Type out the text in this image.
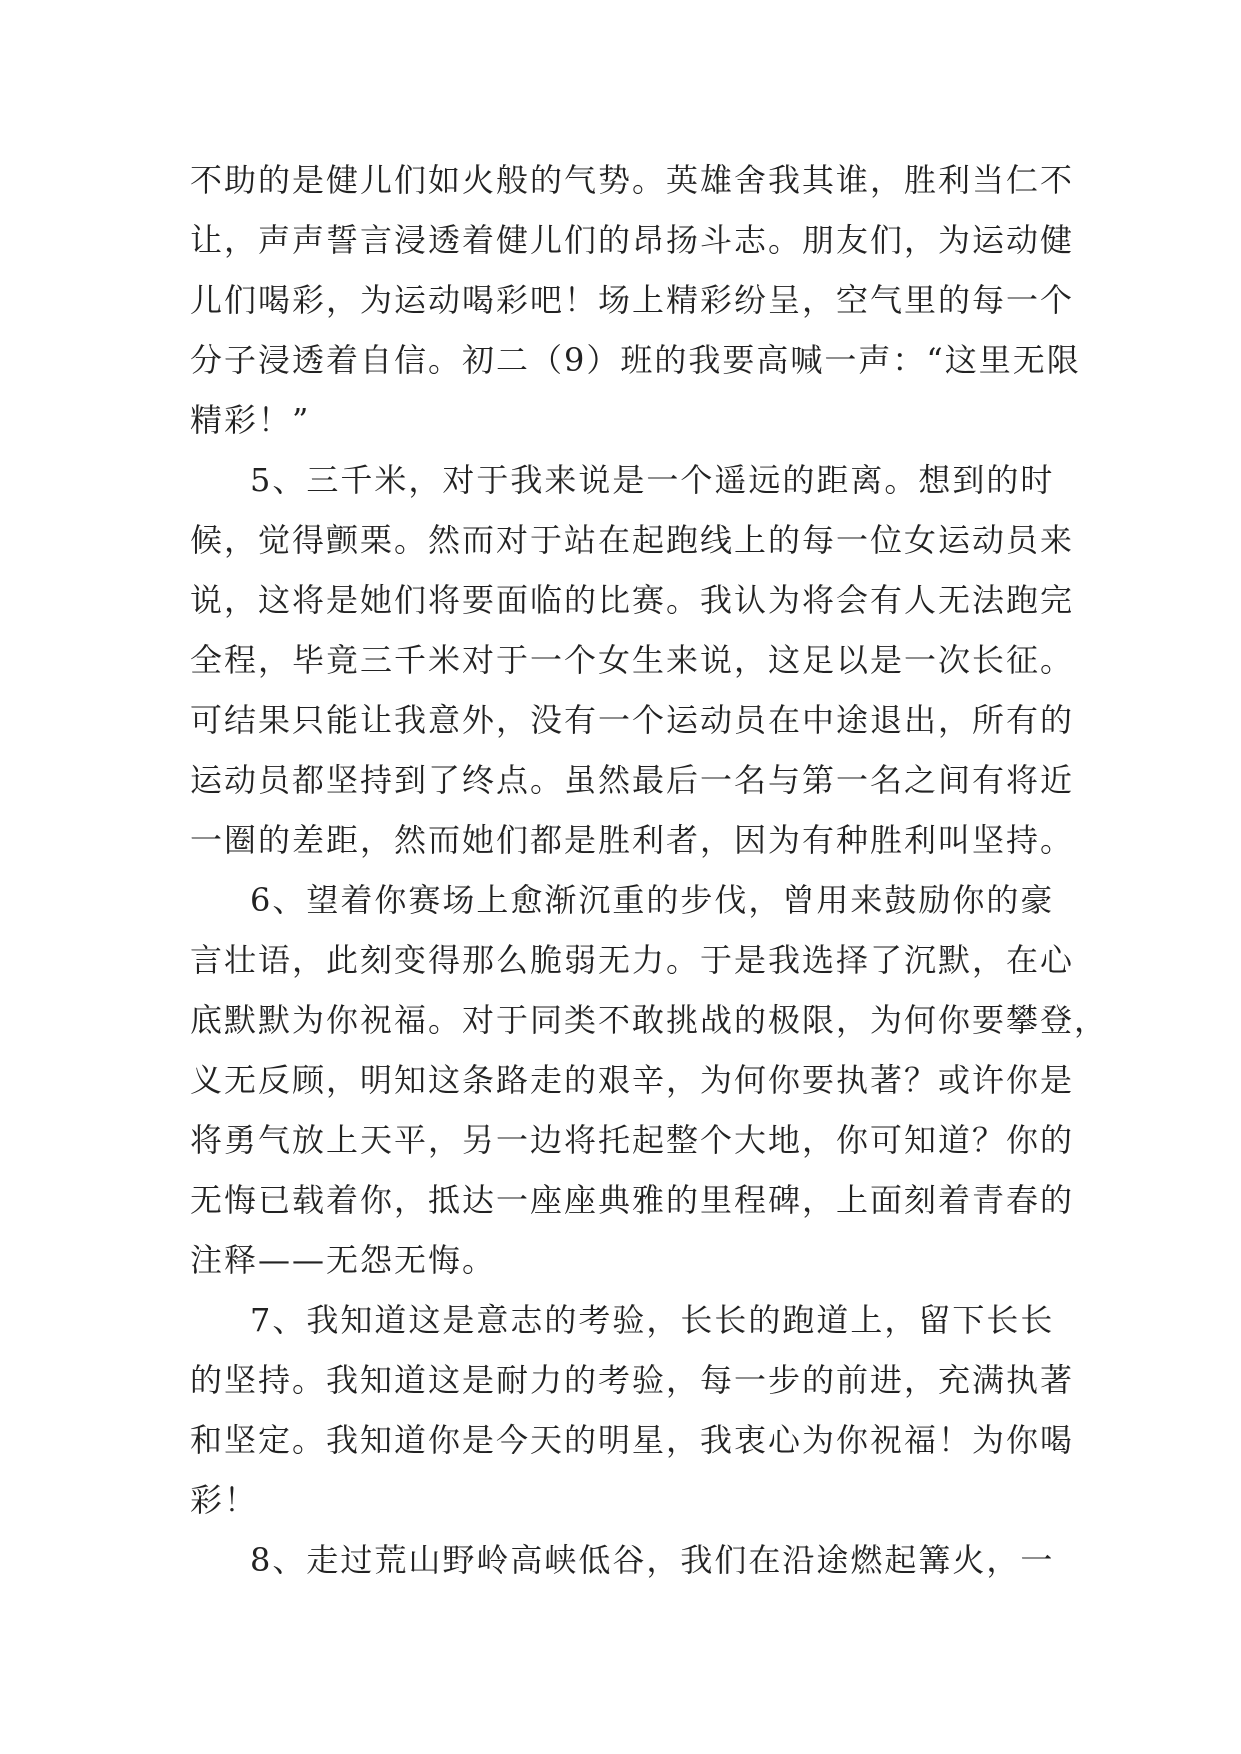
不助的是健儿们如火般的气势。英雄舍我其谁，胜利当仁不
让，声声誓言浸透着健儿们的昂扬斗志。朋友们，为运动健
儿们喝彩，为运动喝彩吧！场上精彩纷呈，空气里的每一个
分子浸透着自信。初二（9）班的我要高喊一声：“这里无限
精彩！”
5、三千米，对于我来说是一个遥远的距离。想到的时
候，觉得颤栗。然而对于站在起跑线上的每一位女运动员来
说，这将是她们将要面临的比赛。我认为将会有人无法跑完
全程，毕竟三千米对于一个女生来说，这足以是一次长征。
可结果只能让我意外，没有一个运动员在中途退出，所有的
运动员都坚持到了终点。虽然最后一名与第一名之间有将近
一圈的差距，然而她们都是胜利者，因为有种胜利叫坚持。
6、望着你赛场上愈渐沉重的步伐，曾用来鼓励你的豪
言壮语，此刻变得那么脆弱无力。于是我选择了沉默，在心
底默默为你祝福。对于同类不敢挑战的极限，为何你要攀登，
义无反顾，明知这条路走的艰辛，为何你要执著？或许你是
将勇气放上天平，另一边将托起整个大地，你可知道？你的
无悔已载着你，抵达一座座典雅的里程碑，上面刻着青春的
注释——无怨无悔。
7、我知道这是意志的考验，长长的跑道上，留下长长
的坚持。我知道这是耐力的考验，每一步的前进，充满执著
和坚定。我知道你是今天的明星，我衷心为你祝福！为你喝
彩！
8、走过荒山野岭高峡低谷，我们在沿途燃起篝火，一
